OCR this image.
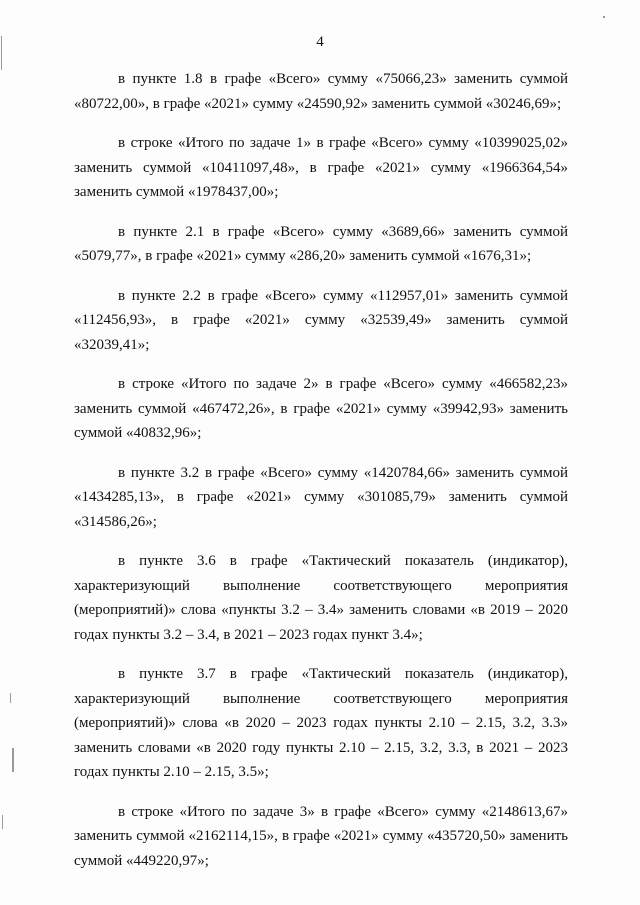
4

в пункте 1.8 в графе «Всего» сумму «75066,23» заменить суммой «80722,00», в графе «2021» сумму «24590,92» заменить суммой «30246,69»;

в строке «Итого по задаче 1» в графе «Всего» сумму «10399025,02» заменить суммой «10411097,48», в графе «2021» сумму «1966364,54» заменить суммой «1978437,00»;

в пункте 2.1 в графе «Всего» сумму «3689,66» заменить суммой «5079,77», в графе «2021» сумму «286,20» заменить суммой «1676,31»;

в пункте 2.2 в графе «Всего» сумму «112957,01» заменить суммой «112456,93», в графе «2021» сумму «32539,49» заменить суммой «32039,41»;

в строке «Итого по задаче 2» в графе «Всего» сумму «466582,23» заменить суммой «467472,26», в графе «2021» сумму «39942,93» заменить суммой «40832,96»;

в пункте 3.2 в графе «Всего» сумму «1420784,66» заменить суммой «1434285,13», в графе «2021» сумму «301085,79» заменить суммой «314586,26»;

в пункте 3.6 в графе «Тактический показатель (индикатор), характеризующий выполнение соответствующего мероприятия (мероприятий)» слова «пункты 3.2 – 3.4» заменить словами «в 2019 – 2020 годах пункты 3.2 – 3.4, в 2021 – 2023 годах пункт 3.4»;

в пункте 3.7 в графе «Тактический показатель (индикатор), характеризующий выполнение соответствующего мероприятия (мероприятий)» слова «в 2020 – 2023 годах пункты 2.10 – 2.15, 3.2, 3.3» заменить словами «в 2020 году пункты 2.10 – 2.15, 3.2, 3.3, в 2021 – 2023 годах пункты 2.10 – 2.15, 3.5»;

в строке «Итого по задаче 3» в графе «Всего» сумму «2148613,67» заменить суммой «2162114,15», в графе «2021» сумму «435720,50» заменить суммой «449220,97»;
